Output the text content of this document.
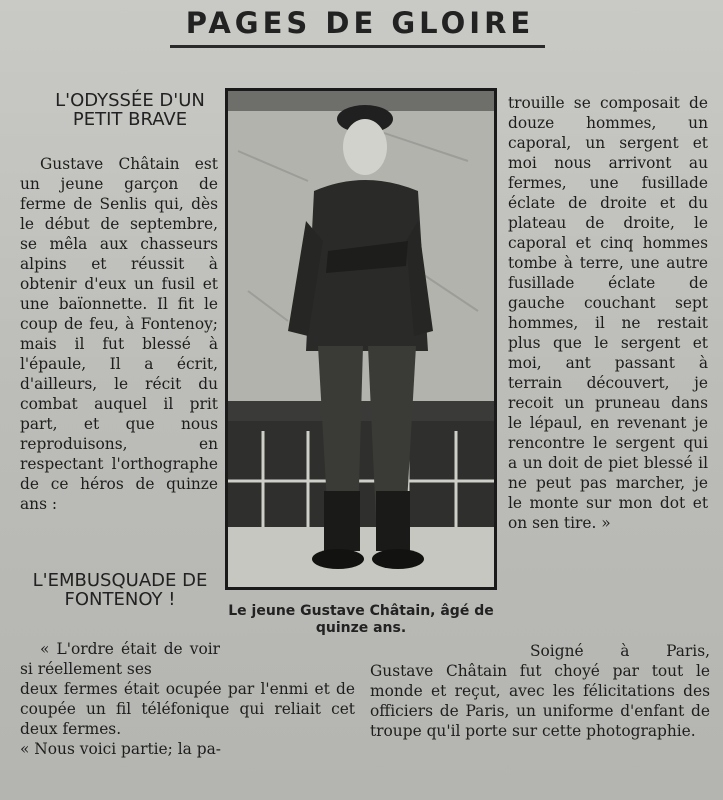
PAGES DE GLOIRE
L'ODYSSÉE D'UN PETIT BRAVE
Gustave Châtain est un jeune garçon de ferme de Senlis qui, dès le début de septembre, se mêla aux chasseurs alpins et réussit à obtenir d'eux un fusil et une baïonnette. Il fit le coup de feu, à Fontenoy; mais il fut blessé à l'épaule, Il a écrit, d'ailleurs, le récit du combat auquel il prit part, et que nous reproduisons, en respectant l'orthographe de ce héros de quinze ans :
L'EMBUSQUADE DE FONTENOY !
« L'ordre était de voir si réellement ses
deux fermes était ocupée par l'enmi et de coupée un fil téléfonique qui reliait cet deux fermes.
« Nous voici partie; la pa-
Le jeune Gustave Châtain, âgé de quinze ans.
trouille se composait de douze hommes, un caporal, un sergent et moi nous arrivont au fermes, une fusillade éclate de droite et du plateau de droite, le caporal et cinq hommes tombe à terre, une autre fusillade éclate de gauche couchant sept hommes, il ne restait plus que le sergent et moi, ant passant à terrain découvert, je recoit un pruneau dans le lépaul, en revenant je rencontre le sergent qui a un doit de piet blessé il ne peut pas marcher, je le monte sur mon dot et on sen tire. »
Soigné à Paris, Gustave Châtain fut choyé par tout le monde et reçut, avec les félicitations des officiers de Paris, un uniforme d'enfant de troupe qu'il porte sur cette photographie.
